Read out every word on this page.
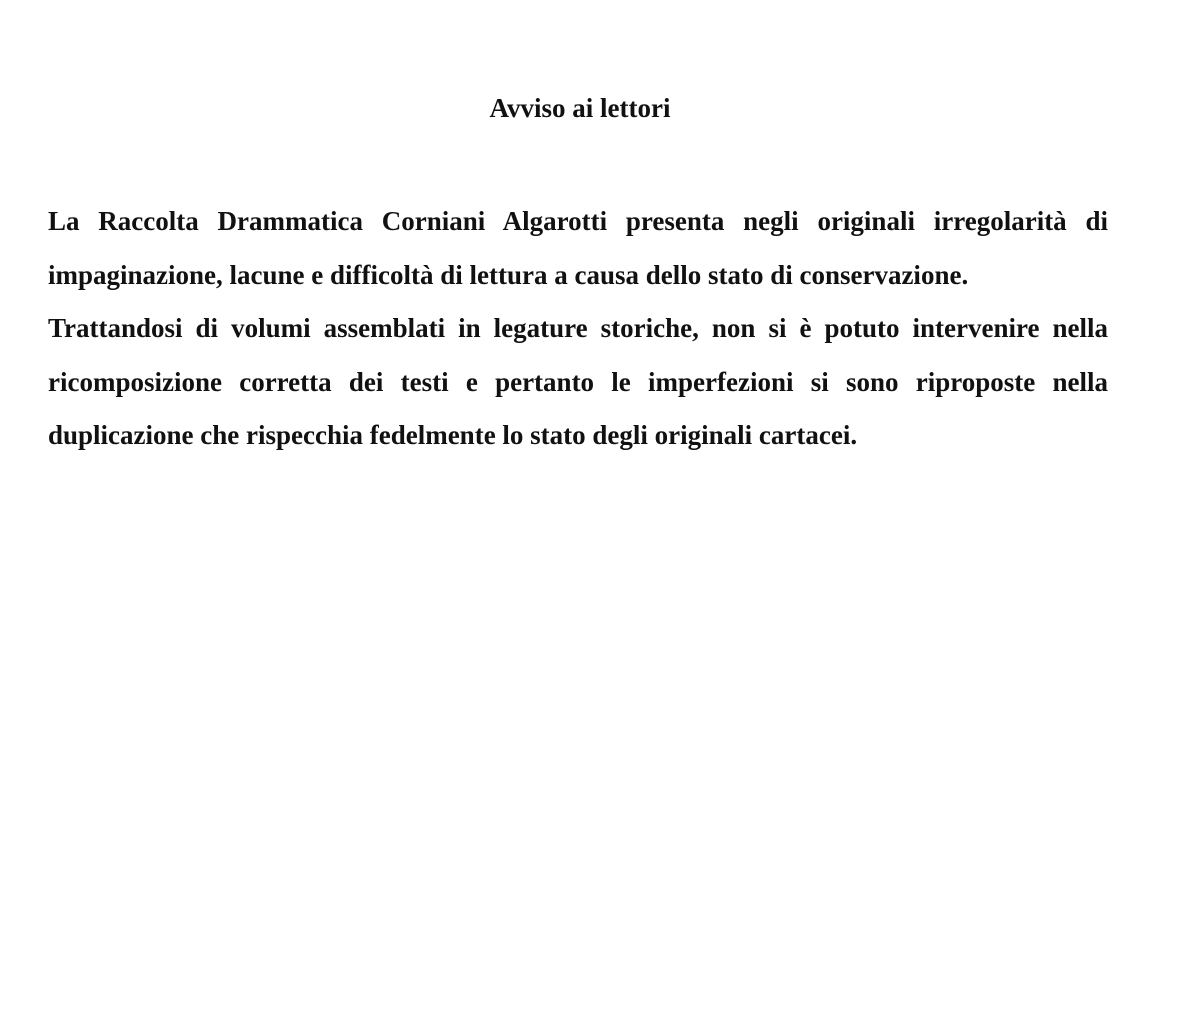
Avviso ai lettori

La Raccolta Drammatica Corniani Algarotti presenta negli originali irregolarità di impaginazione, lacune e difficoltà di lettura a causa dello stato di conservazione.

Trattandosi di volumi assemblati in legature storiche, non si è potuto intervenire nella ricomposizione corretta dei testi e pertanto le imperfezioni si sono riproposte nella duplicazione che rispecchia fedelmente lo stato degli originali cartacei.
